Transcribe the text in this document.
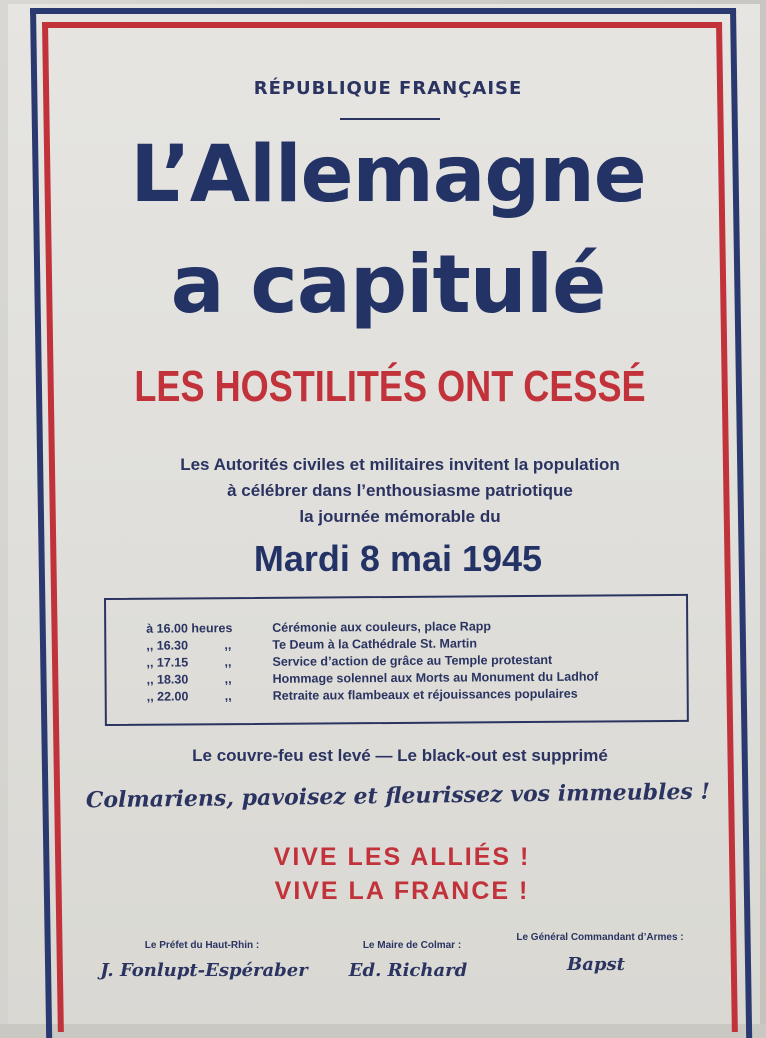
RÉPUBLIQUE FRANÇAISE
L’Allemagne
a capitulé
LES HOSTILITÉS ONT CESSÉ
Les Autorités civiles et militaires invitent la population
à célébrer dans l’enthousiasme patriotique
la journée mémorable du
Mardi 8 mai 1945
à 16.00 heures	Cérémonie aux couleurs, place Rapp
,, 16.30	,,	Te Deum à la Cathédrale St. Martin
,, 17.15	,,	Service d’action de grâce au Temple protestant
,, 18.30	,,	Hommage solennel aux Morts au Monument du Ladhof
,, 22.00	,,	Retraite aux flambeaux et réjouissances populaires
Le couvre-feu est levé — Le black-out est supprimé
Colmariens, pavoisez et fleurissez vos immeubles !
VIVE LES ALLIÉS !
VIVE LA FRANCE !
Le Préfet du Haut-Rhin :
J. Fonlupt-Espéraber
Le Maire de Colmar :
Ed. Richard
Le Général Commandant d’Armes :
Bapst
